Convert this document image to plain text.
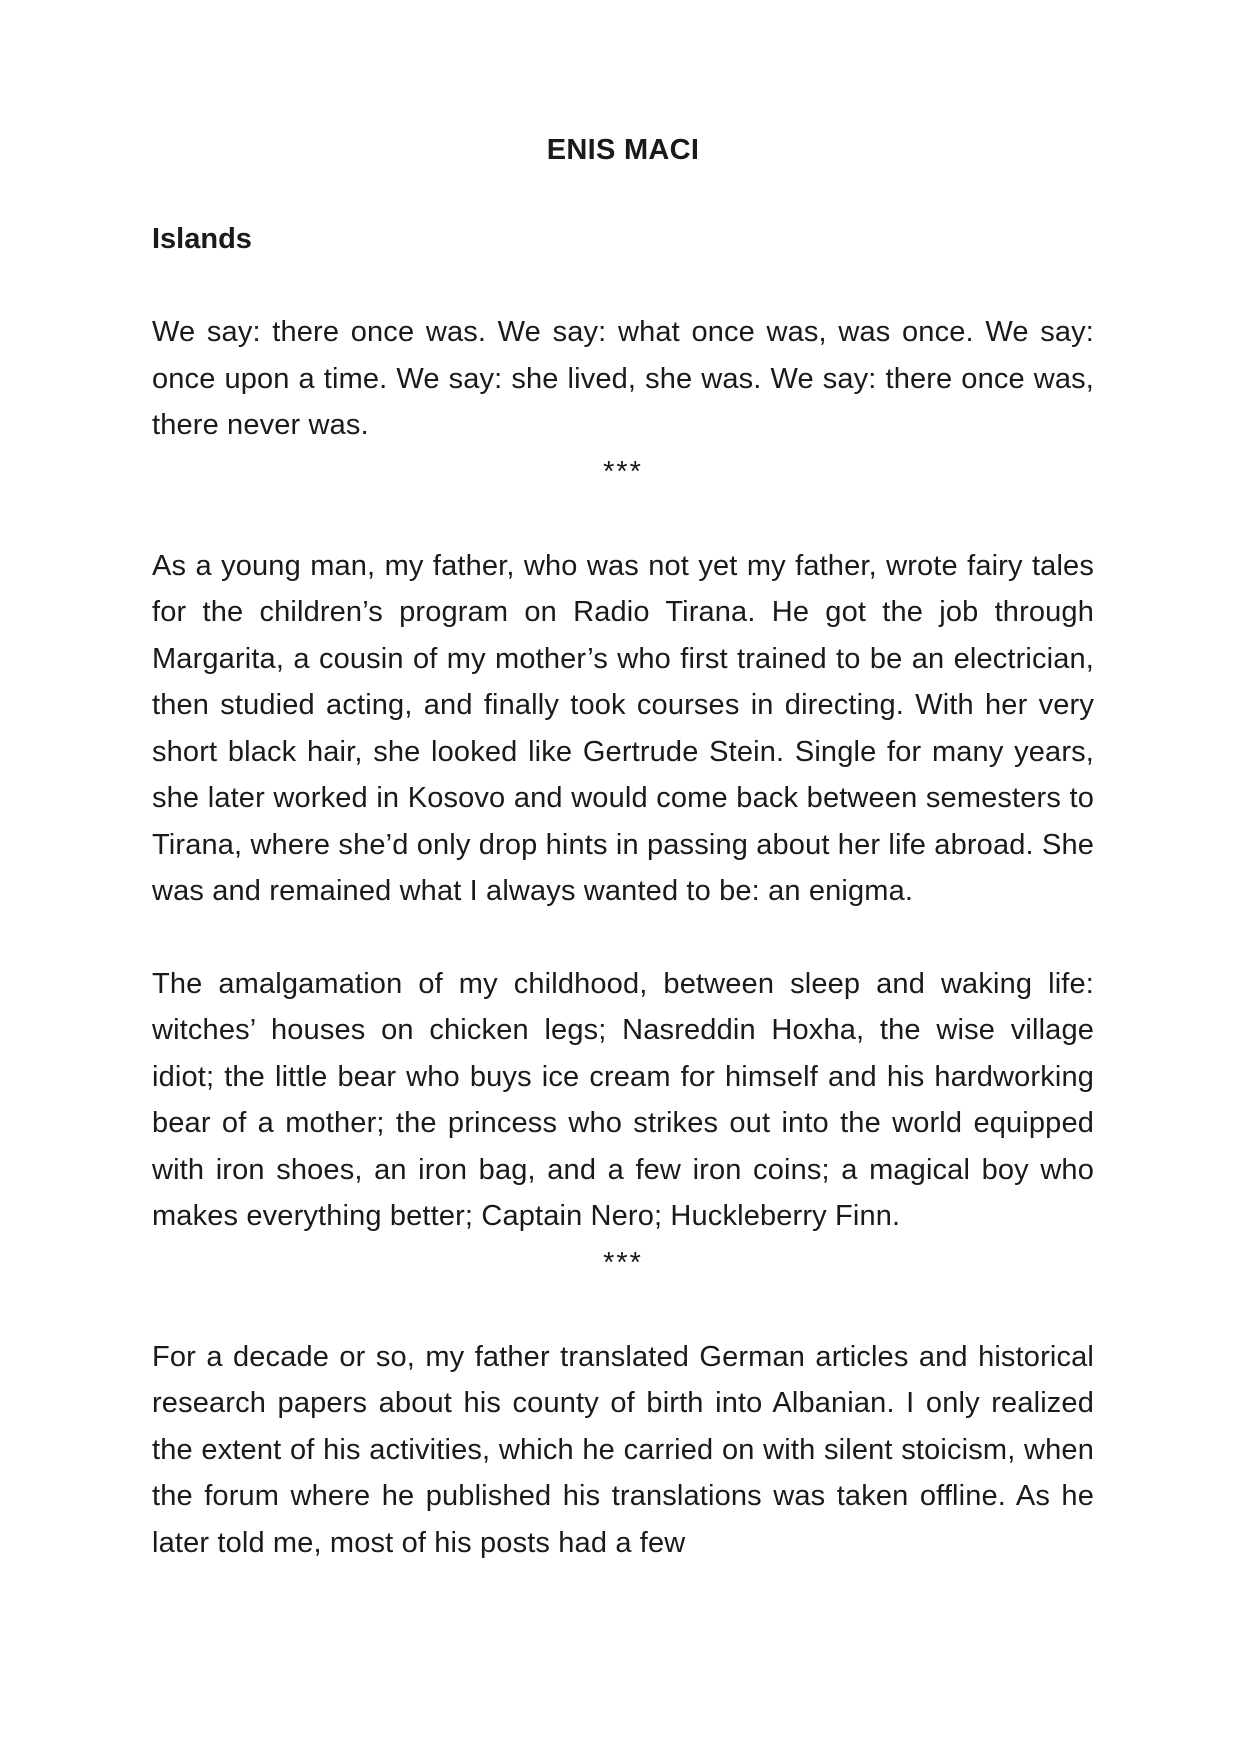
ENIS MACI
Islands

We say: there once was. We say: what once was, was once. We say: once upon a time. We say: she lived, she was. We say: there once was, there never was.

***

As a young man, my father, who was not yet my father, wrote fairy tales for the children’s program on Radio Tirana. He got the job through Margarita, a cousin of my mother’s who first trained to be an electrician, then studied acting, and finally took courses in directing. With her very short black hair, she looked like Gertrude Stein. Single for many years, she later worked in Kosovo and would come back between semesters to Tirana, where she’d only drop hints in passing about her life abroad. She was and remained what I always wanted to be: an enigma.

The amalgamation of my childhood, between sleep and waking life: witches’ houses on chicken legs; Nasreddin Hoxha, the wise village idiot; the little bear who buys ice cream for himself and his hardworking bear of a mother; the princess who strikes out into the world equipped with iron shoes, an iron bag, and a few iron coins; a magical boy who makes everything better; Captain Nero; Huckleberry Finn.

***

For a decade or so, my father translated German articles and historical research papers about his county of birth into Albanian. I only realized the extent of his activities, which he carried on with silent stoicism, when the forum where he published his translations was taken offline. As he later told me, most of his posts had a few
